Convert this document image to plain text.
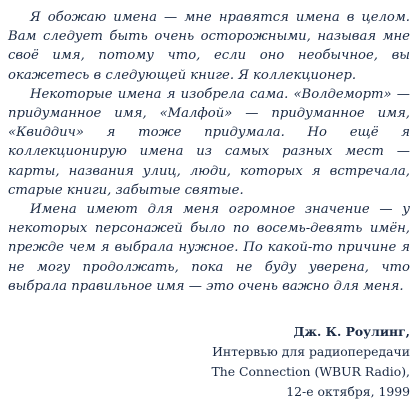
Я обожаю имена — мне нравятся имена в целом. Вам следует быть очень осторожными, называя мне своё имя, потому что, если оно необычное, вы окажетесь в следующей книге. Я коллекционер.

Некоторые имена я изобрела сама. «Волдеморт» — придуманное имя, «Малфой» — придуманное имя, «Квиддич» я тоже придумала. Но ещё я коллекционирую имена из самых разных мест — карты, названия улиц, люди, которых я встречала, старые книги, забытые святые.

Имена имеют для меня огромное значение — у некоторых персонажей было по восемь-девять имён, прежде чем я выбрала нужное. По какой-то причине я не могу продолжать, пока не буду уверена, что выбрала правильное имя — это очень важно для меня.

Дж. К. Роулинг,
Интервью для радиопередачи
The Connection (WBUR Radio),
12-е октября, 1999
